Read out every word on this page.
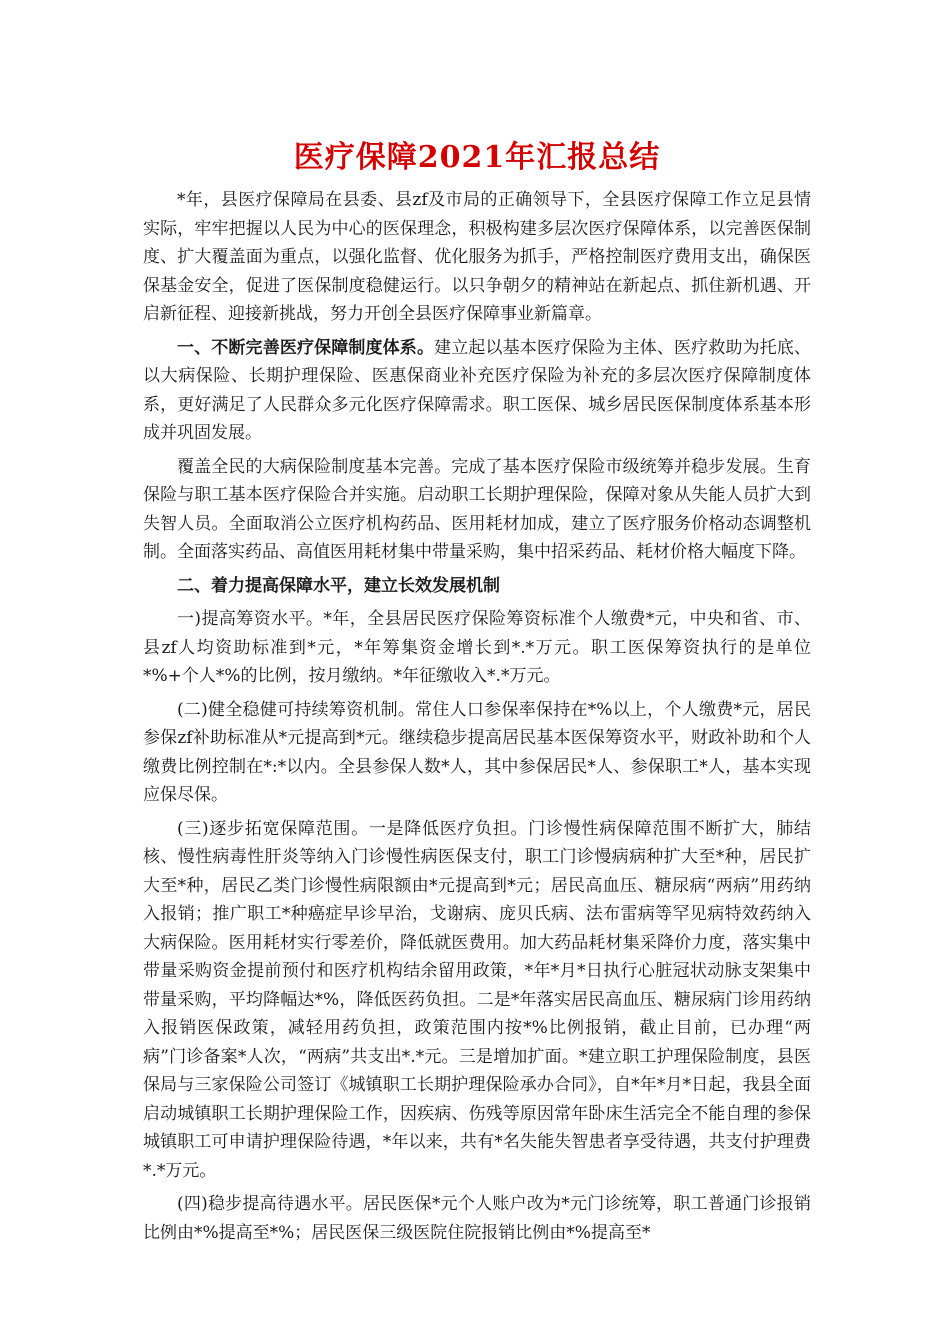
医疗保障2021年汇报总结

*年，县医疗保障局在县委、县zf及市局的正确领导下，全县医疗保障工作立足县情实际，牢牢把握以人民为中心的医保理念，积极构建多层次医疗保障体系，以完善医保制度、扩大覆盖面为重点，以强化监督、优化服务为抓手，严格控制医疗费用支出，确保医保基金安全，促进了医保制度稳健运行。以只争朝夕的精神站在新起点、抓住新机遇、开启新征程、迎接新挑战，努力开创全县医疗保障事业新篇章。

一、不断完善医疗保障制度体系。建立起以基本医疗保险为主体、医疗救助为托底、以大病保险、长期护理保险、医惠保商业补充医疗保险为补充的多层次医疗保障制度体系，更好满足了人民群众多元化医疗保障需求。职工医保、城乡居民医保制度体系基本形成并巩固发展。

覆盖全民的大病保险制度基本完善。完成了基本医疗保险市级统筹并稳步发展。生育保险与职工基本医疗保险合并实施。启动职工长期护理保险，保障对象从失能人员扩大到失智人员。全面取消公立医疗机构药品、医用耗材加成，建立了医疗服务价格动态调整机制。全面落实药品、高值医用耗材集中带量采购，集中招采药品、耗材价格大幅度下降。

二、着力提高保障水平，建立长效发展机制

一)提高筹资水平。*年，全县居民医疗保险筹资标准个人缴费*元，中央和省、市、县zf人均资助标准到*元，*年筹集资金增长到*.*万元。职工医保筹资执行的是单位*%+个人*%的比例，按月缴纳。*年征缴收入*.*万元。

(二)健全稳健可持续筹资机制。常住人口参保率保持在*%以上，个人缴费*元，居民参保zf补助标准从*元提高到*元。继续稳步提高居民基本医保筹资水平，财政补助和个人缴费比例控制在*:*以内。全县参保人数*人，其中参保居民*人、参保职工*人，基本实现应保尽保。

(三)逐步拓宽保障范围。一是降低医疗负担。门诊慢性病保障范围不断扩大，肺结核、慢性病毒性肝炎等纳入门诊慢性病医保支付，职工门诊慢病病种扩大至*种，居民扩大至*种，居民乙类门诊慢性病限额由*元提高到*元；居民高血压、糖尿病“两病”用药纳入报销；推广职工*种癌症早诊早治，戈谢病、庞贝氏病、法布雷病等罕见病特效药纳入大病保险。医用耗材实行零差价，降低就医费用。加大药品耗材集采降价力度，落实集中带量采购资金提前预付和医疗机构结余留用政策，*年*月*日执行心脏冠状动脉支架集中带量采购，平均降幅达*%，降低医药负担。二是*年落实居民高血压、糖尿病门诊用药纳入报销医保政策，减轻用药负担，政策范围内按*%比例报销，截止目前，已办理“两病”门诊备案*人次，“两病”共支出*.*元。三是增加扩面。*建立职工护理保险制度，县医保局与三家保险公司签订《城镇职工长期护理保险承办合同》，自*年*月*日起，我县全面启动城镇职工长期护理保险工作，因疾病、伤残等原因常年卧床生活完全不能自理的参保城镇职工可申请护理保险待遇，*年以来，共有*名失能失智患者享受待遇，共支付护理费*.*万元。

(四)稳步提高待遇水平。居民医保*元个人账户改为*元门诊统筹，职工普通门诊报销比例由*%提高至*%；居民医保三级医院住院报销比例由*%提高至*
